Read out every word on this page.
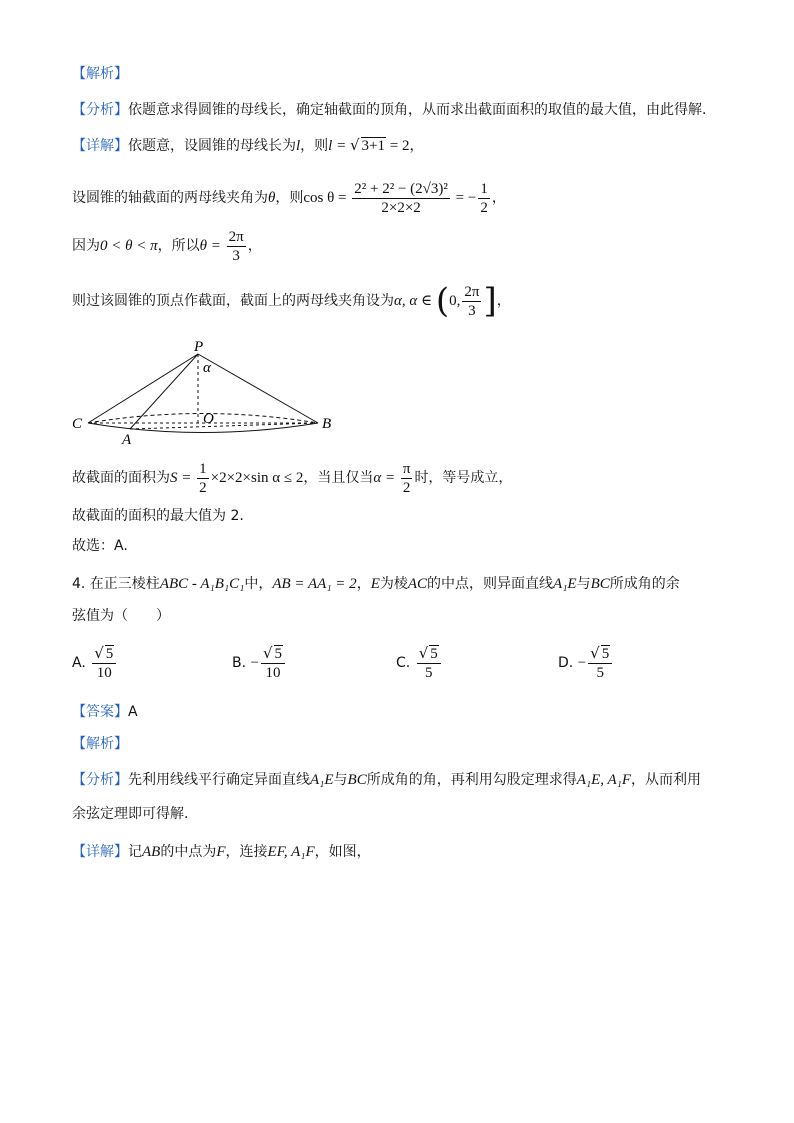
【解析】
【分析】依题意求得圆锥的母线长，确定轴截面的顶角，从而求出截面面积的取值的最大值，由此得解.
【详解】依题意，设圆锥的母线长为l，则l = √ 3+1 = 2，
设圆锥的轴截面的两母线夹角为θ，则$\cos \theta = \frac{\text{2² + 2² − (2√3)²}}{2\times 2\times 2}$ = − $\frac{1}{2}$ ，
因为0 < θ < π，所以$\theta = \frac{2\pi}{3}$ ，
则过该圆锥的顶点作截面，截面上的两母线夹角设为α, α ∈ (0, $\frac{2\pi}{3}$ ]，
P
α
O
C
A
B
故截面的面积为$S = \frac{1}{2} \times 2\times 2\times\sin$ α ≤ 2，当且仅当$\alpha = \frac{\pi}{2}$ 时，等号成立，
故截面的面积的最大值为 2.
故选：A.
4. 在正三棱柱ABC - A₁B₁C₁中，AB = AA₁ = 2，E为棱AC的中点，则异面直线A₁E与BC所成角的余
弦值为（　　）
A. $\frac{√ 5}{10}$	B. − $\frac{√ 5}{10}$	C. $\frac{√ 5}{5}$	D. − $\frac{√ 5}{5}$
【答案】A
【解析】
【分析】先利用线线平行确定异面直线A₁E与BC所成角的角，再利用勾股定理求得A₁E, A₁F，从而利用
余弦定理即可得解.
【详解】记AB的中点为F，连接EF, A₁F，如图，
